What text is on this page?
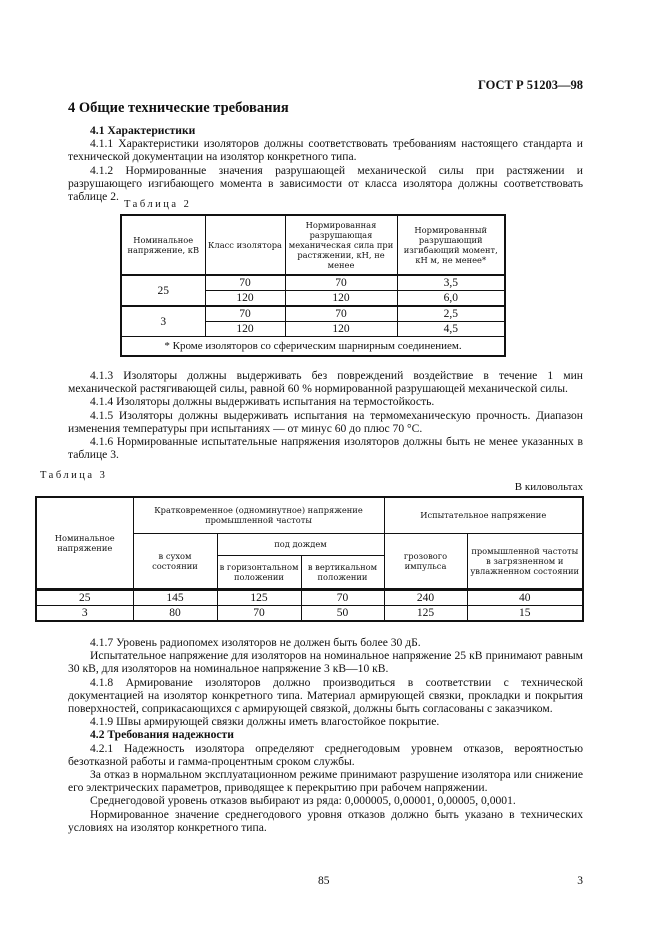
ГОСТ Р 51203—98
4 Общие технические требования
4.1 Характеристики
4.1.1 Характеристики изоляторов должны соответствовать требованиям настоящего стандарта и технической документации на изолятор конкретного типа.
4.1.2 Нормированные значения разрушающей механической силы при растяжении и разрушающего изгибающего момента в зависимости от класса изолятора должны соответствовать таблице 2.
Таблица 2
Номинальное напряжение, кВ	Класс изолятора	Нормированная разрушающая механическая сила при растяжении, кН, не менее	Нормированный разрушающий изгибающий момент, кН м, не менее*
25	70	70	3,5
	120	120	6,0
3	70	70	2,5
	120	120	4,5
* Кроме изоляторов со сферическим шарнирным соединением.			
4.1.3 Изоляторы должны выдерживать без повреждений воздействие в течение 1 мин механической растягивающей силы, равной 60 % нормированной разрушающей механической силы.
4.1.4 Изоляторы должны выдерживать испытания на термостойкость.
4.1.5 Изоляторы должны выдерживать испытания на термомеханическую прочность. Диапазон изменения температуры при испытаниях — от минус 60 до плюс 70 °С.
4.1.6 Нормированные испытательные напряжения изоляторов должны быть не менее указанных в таблице 3.
Таблица 3
В киловольтах
Номинальное напряжение	Кратковременное (одноминутное) напряжение промышленной частоты			Испытательное напряжение	
	в сухом состоянии	под дождем		грозового импульса	промышленной частоты в загрязненном и увлажненном состоянии
		в горизонтальном положении	в вертикальном положении		
25	145	125	70	240	40
3	80	70	50	125	15
4.1.7 Уровень радиопомех изоляторов не должен быть более 30 дБ.
Испытательное напряжение для изоляторов на номинальное напряжение 25 кВ принимают равным 30 кВ, для изоляторов на номинальное напряжение 3 кВ—10 кВ.
4.1.8 Армирование изоляторов должно производиться в соответствии с технической документацией на изолятор конкретного типа. Материал армирующей связки, прокладки и покрытия поверхностей, соприкасающихся с армирующей связкой, должны быть согласованы с заказчиком.
4.1.9 Швы армирующей связки должны иметь влагостойкое покрытие.
4.2 Требования надежности
4.2.1 Надежность изолятора определяют среднегодовым уровнем отказов, вероятностью безотказной работы и гамма-процентным сроком службы.
За отказ в нормальном эксплуатационном режиме принимают разрушение изолятора или снижение его электрических параметров, приводящее к перекрытию при рабочем напряжении.
Среднегодовой уровень отказов выбирают из ряда: 0,000005, 0,00001, 0,00005, 0,0001.
Нормированное значение среднегодового уровня отказов должно быть указано в технических условиях на изолятор конкретного типа.
85	3
